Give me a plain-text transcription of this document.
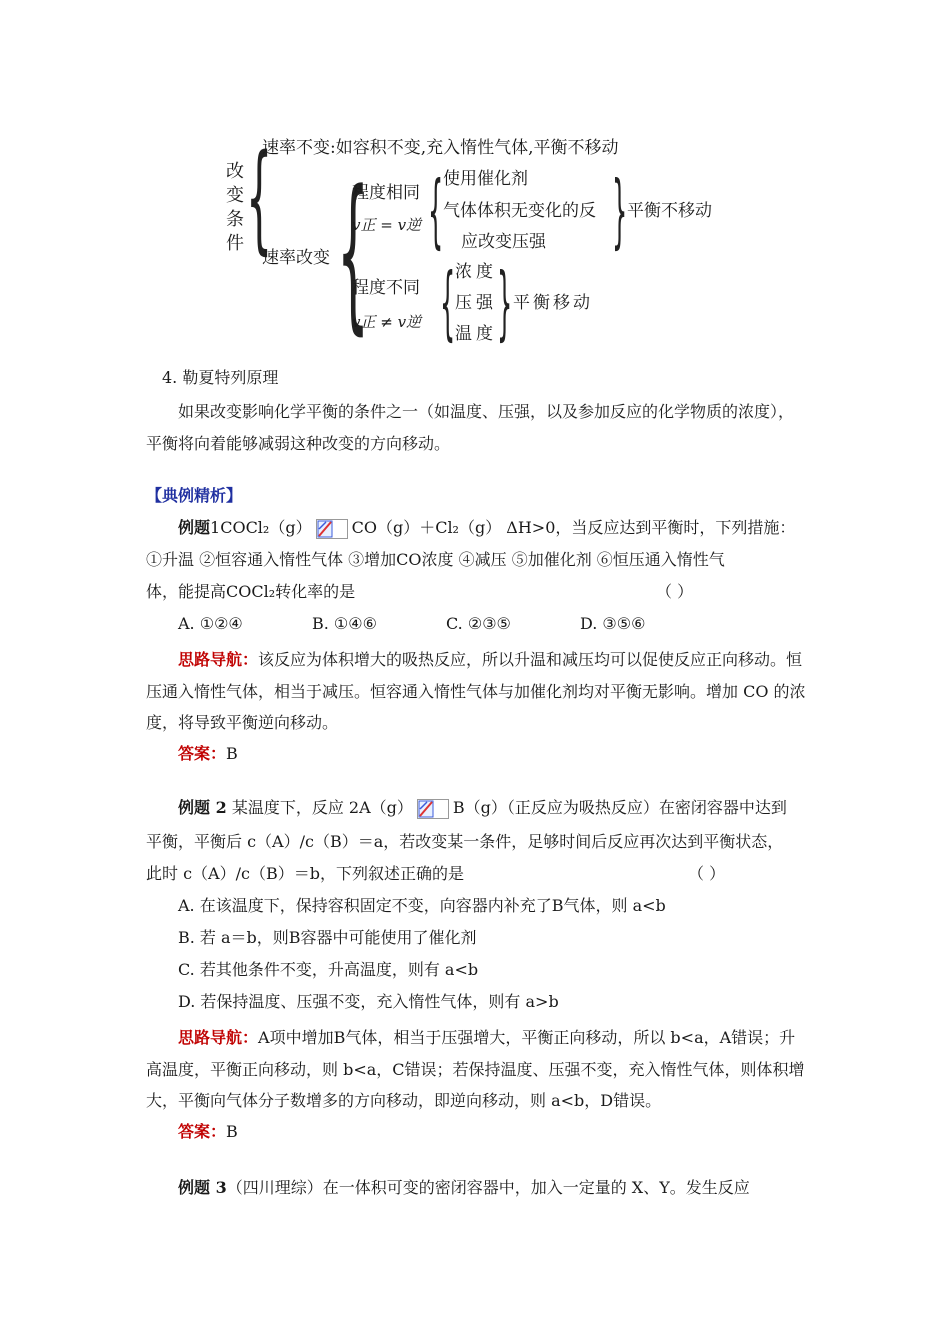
改变条件 {
速率不变:如容积不变,充入惰性气体,平衡不移动
速率改变 {
程度相同
v正 = v逆 { 使用催化剂
气体体积无变化的反
应改变压强 } 平衡不移动
程度不同
v正 ≠ v逆 { 浓度
压强
温度 } 平衡移动
4. 勒夏特列原理
如果改变影响化学平衡的条件之一（如温度、压强，以及参加反应的化学物质的浓度），平衡将向着能够减弱这种改变的方向移动。
【典例精析】
例题1COCl₂（g）	CO（g）＋Cl₂（g） ΔH>0，当反应达到平衡时，下列措施：
①升温 ②恒容通入惰性气体 ③增加CO浓度 ④减压 ⑤加催化剂 ⑥恒压通入惰性气
体，能提高COCl₂转化率的是	（ ）
A. ①②④	B. ①④⑥	C. ②③⑤	D. ③⑤⑥
思路导航：该反应为体积增大的吸热反应，所以升温和减压均可以促使反应正向移动。恒压通入惰性气体，相当于减压。恒容通入惰性气体与加催化剂均对平衡无影响。增加 CO 的浓度，将导致平衡逆向移动。
答案：B
例题 2 某温度下，反应 2A（g）	B（g）（正反应为吸热反应）在密闭容器中达到
平衡，平衡后 c（A）/c（B）＝a，若改变某一条件，足够时间后反应再次达到平衡状态，
此时 c（A）/c（B）＝b，下列叙述正确的是	（ ）
A. 在该温度下，保持容积固定不变，向容器内补充了B气体，则 a<b
B. 若 a＝b，则B容器中可能使用了催化剂
C. 若其他条件不变，升高温度，则有 a<b
D. 若保持温度、压强不变，充入惰性气体，则有 a>b
思路导航：A项中增加B气体，相当于压强增大，平衡正向移动，所以 b<a，A错误；升高温度，平衡正向移动，则 b<a，C错误；若保持温度、压强不变，充入惰性气体，则体积增大，平衡向气体分子数增多的方向移动，即逆向移动，则 a<b，D错误。
答案：B
例题 3（四川理综）在一体积可变的密闭容器中，加入一定量的 X、Y。发生反应
